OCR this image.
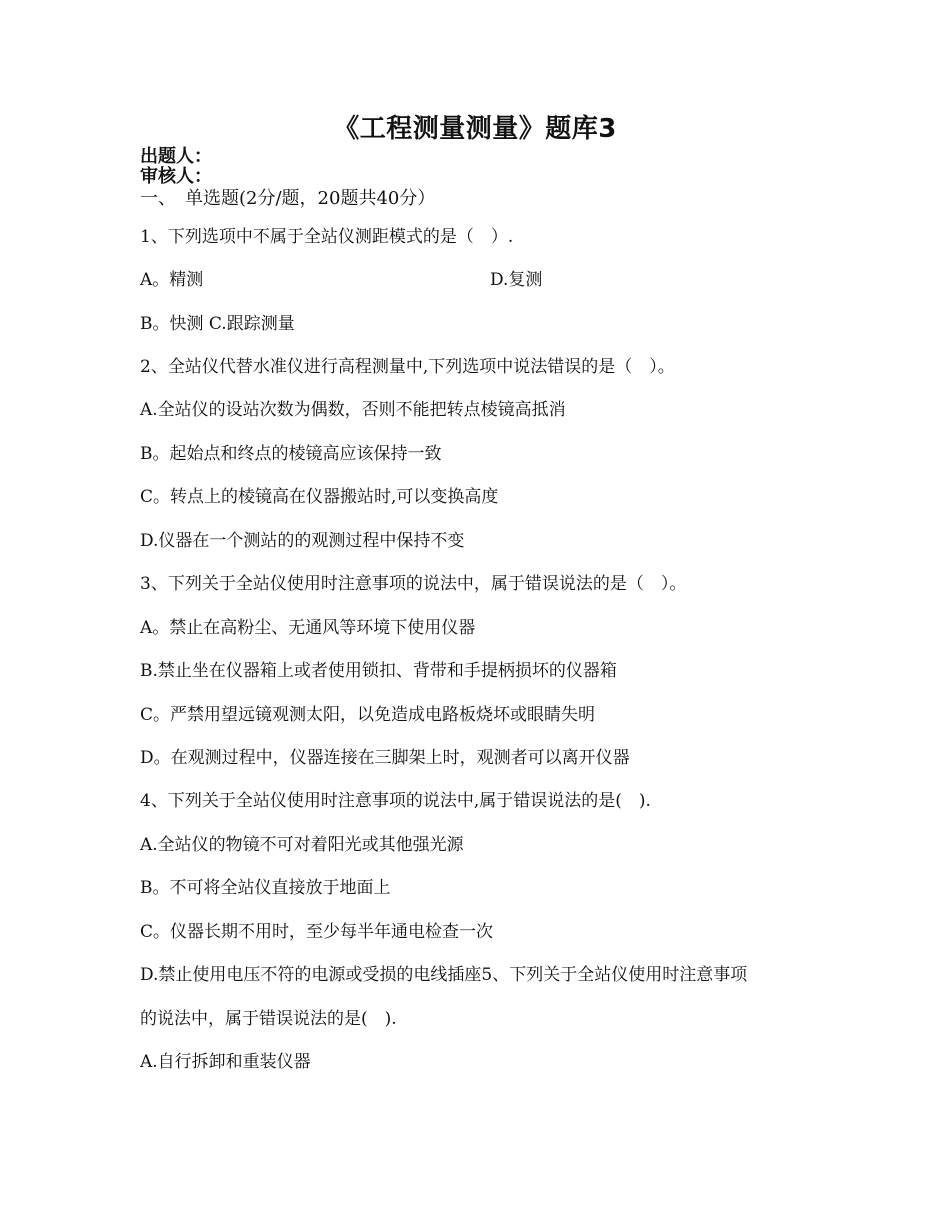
《工程测量测量》题库3
出题人：
审核人：
一、　单选题(2分/题，20题共40分）
1、下列选项中不属于全站仪测距模式的是（　）.
A。精测	D.复测
B。快测 C.跟踪测量
2、全站仪代替水准仪进行高程测量中,下列选项中说法错误的是（　）。
A.全站仪的设站次数为偶数，否则不能把转点棱镜高抵消
B。起始点和终点的棱镜高应该保持一致
C。转点上的棱镜高在仪器搬站时,可以变换高度
D.仪器在一个测站的的观测过程中保持不变
3、下列关于全站仪使用时注意事项的说法中，属于错误说法的是（　）。
A。禁止在高粉尘、无通风等环境下使用仪器
B.禁止坐在仪器箱上或者使用锁扣、背带和手提柄损坏的仪器箱
C。严禁用望远镜观测太阳，以免造成电路板烧坏或眼睛失明
D。在观测过程中，仪器连接在三脚架上时，观测者可以离开仪器
4、下列关于全站仪使用时注意事项的说法中,属于错误说法的是(　).
A.全站仪的物镜不可对着阳光或其他强光源
B。不可将全站仪直接放于地面上
C。仪器长期不用时，至少每半年通电检查一次
D.禁止使用电压不符的电源或受损的电线插座5、下列关于全站仪使用时注意事项
的说法中，属于错误说法的是(　).
A.自行拆卸和重装仪器
